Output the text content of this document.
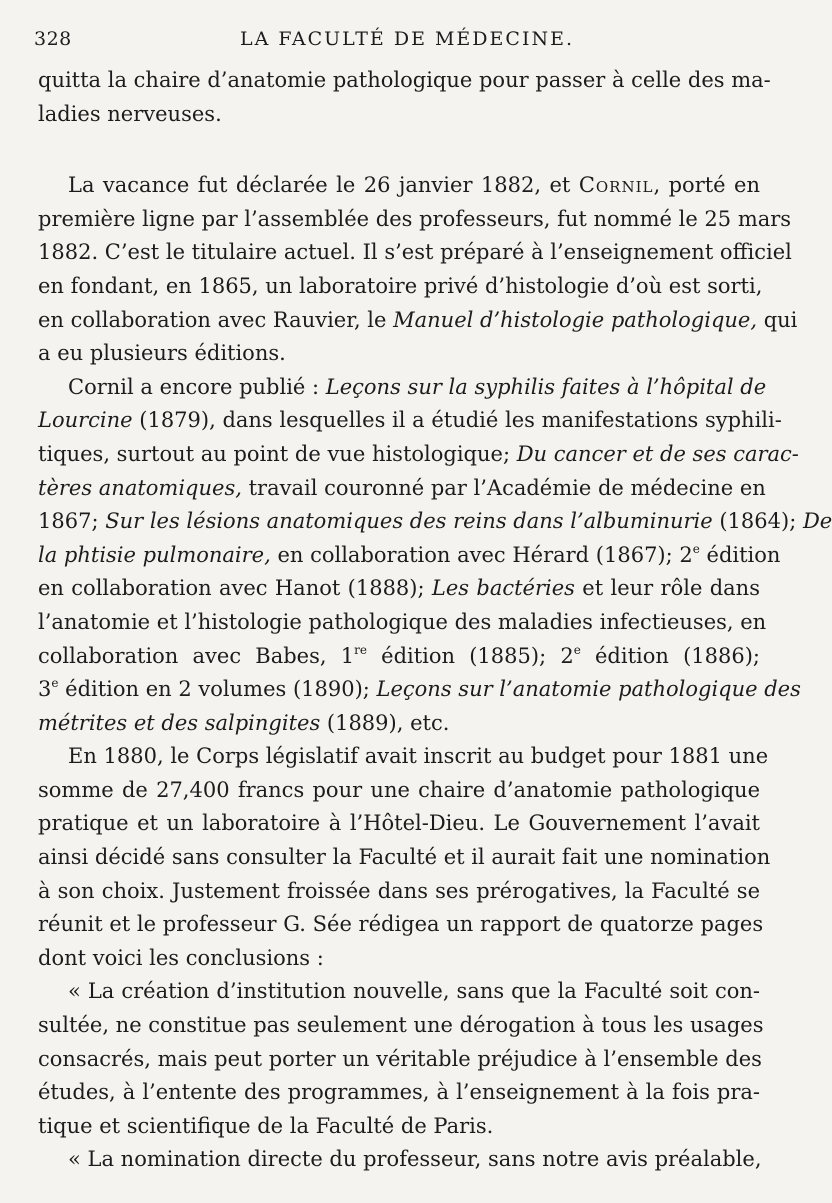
328	LA FACULTÉ DE MÉDECINE.
quitta la chaire d’anatomie pathologique pour passer à celle des ma-
ladies nerveuses.
La vacance fut déclarée le 26 janvier 1882, et Cornil, porté en
première ligne par l’assemblée des professeurs, fut nommé le 25 mars
1882. C’est le titulaire actuel. Il s’est préparé à l’enseignement officiel
en fondant, en 1865, un laboratoire privé d’histologie d’où est sorti,
en collaboration avec Rauvier, le Manuel d’histologie pathologique, qui
a eu plusieurs éditions.
Cornil a encore publié : Leçons sur la syphilis faites à l’hôpital de
Lourcine (1879), dans lesquelles il a étudié les manifestations syphili-
tiques, surtout au point de vue histologique; Du cancer et de ses carac-
tères anatomiques, travail couronné par l’Académie de médecine en
1867; Sur les lésions anatomiques des reins dans l’albuminurie (1864); De
la phtisie pulmonaire, en collaboration avec Hérard (1867); 2e édition
en collaboration avec Hanot (1888); Les bactéries et leur rôle dans
l’anatomie et l’histologie pathologique des maladies infectieuses, en
collaboration avec Babes, 1re édition (1885); 2e édition (1886);
3e édition en 2 volumes (1890); Leçons sur l’anatomie pathologique des
métrites et des salpingites (1889), etc.
En 1880, le Corps législatif avait inscrit au budget pour 1881 une
somme de 27,400 francs pour une chaire d’anatomie pathologique
pratique et un laboratoire à l’Hôtel-Dieu. Le Gouvernement l’avait
ainsi décidé sans consulter la Faculté et il aurait fait une nomination
à son choix. Justement froissée dans ses prérogatives, la Faculté se
réunit et le professeur G. Sée rédigea un rapport de quatorze pages
dont voici les conclusions :
« La création d’institution nouvelle, sans que la Faculté soit con-
sultée, ne constitue pas seulement une dérogation à tous les usages
consacrés, mais peut porter un véritable préjudice à l’ensemble des
études, à l’entente des programmes, à l’enseignement à la fois pra-
tique et scientifique de la Faculté de Paris.
« La nomination directe du professeur, sans notre avis préalable,
